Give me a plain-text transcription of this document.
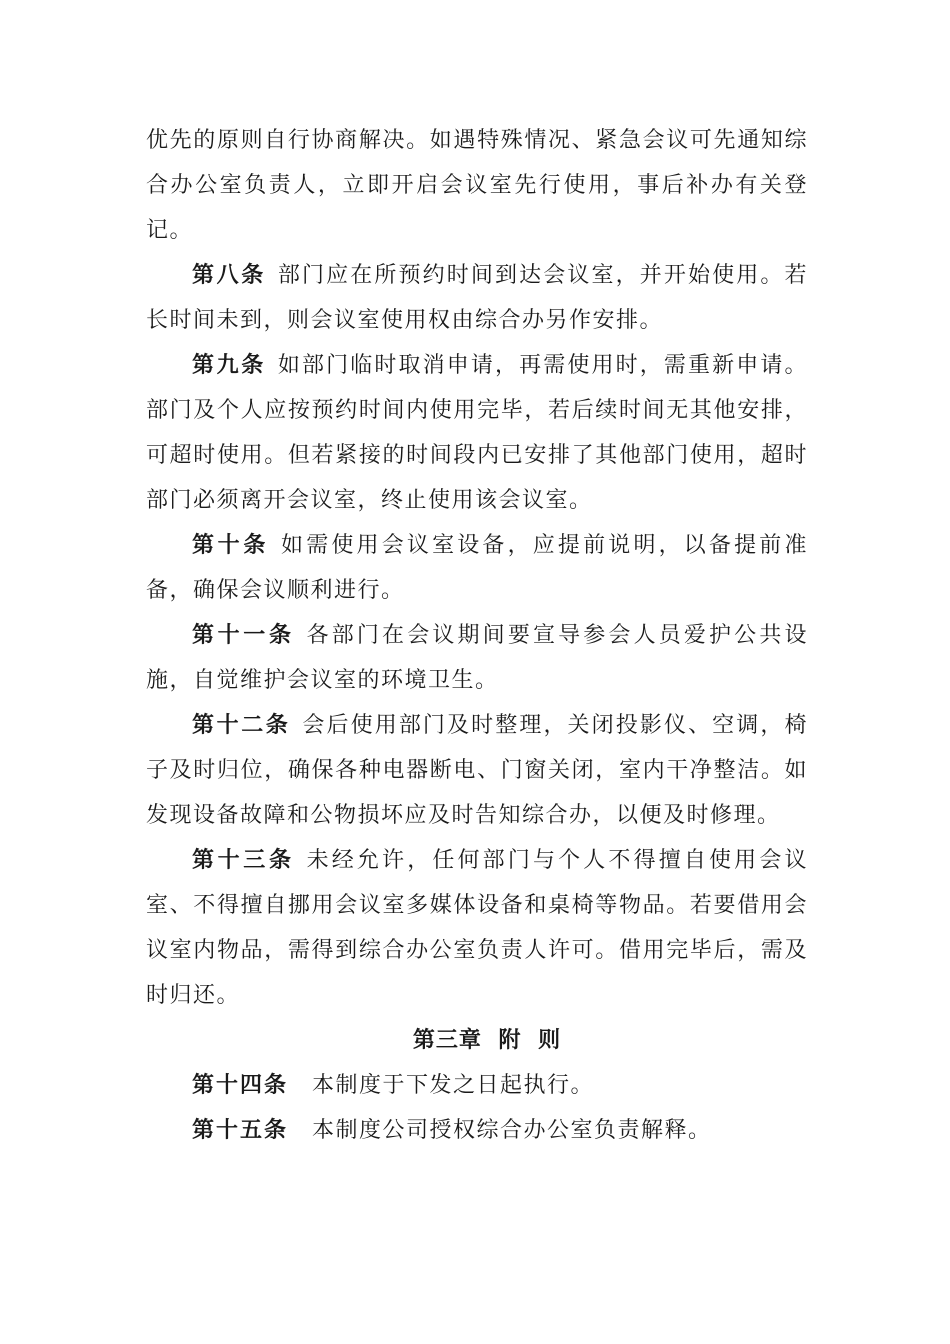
优先的原则自行协商解决。如遇特殊情况、紧急会议可先通知综合办公室负责人，立即开启会议室先行使用，事后补办有关登记。

第八条 部门应在所预约时间到达会议室，并开始使用。若长时间未到，则会议室使用权由综合办另作安排。

第九条 如部门临时取消申请，再需使用时，需重新申请。部门及个人应按预约时间内使用完毕，若后续时间无其他安排，可超时使用。但若紧接的时间段内已安排了其他部门使用，超时部门必须离开会议室，终止使用该会议室。

第十条 如需使用会议室设备，应提前说明，以备提前准备，确保会议顺利进行。

第十一条 各部门在会议期间要宣导参会人员爱护公共设施，自觉维护会议室的环境卫生。

第十二条 会后使用部门及时整理，关闭投影仪、空调，椅子及时归位，确保各种电器断电、门窗关闭，室内干净整洁。如发现设备故障和公物损坏应及时告知综合办，以便及时修理。

第十三条 未经允许，任何部门与个人不得擅自使用会议室、不得擅自挪用会议室多媒体设备和桌椅等物品。若要借用会议室内物品，需得到综合办公室负责人许可。借用完毕后，需及时归还。

第三章 附 则

第十四条 本制度于下发之日起执行。

第十五条 本制度公司授权综合办公室负责解释。
